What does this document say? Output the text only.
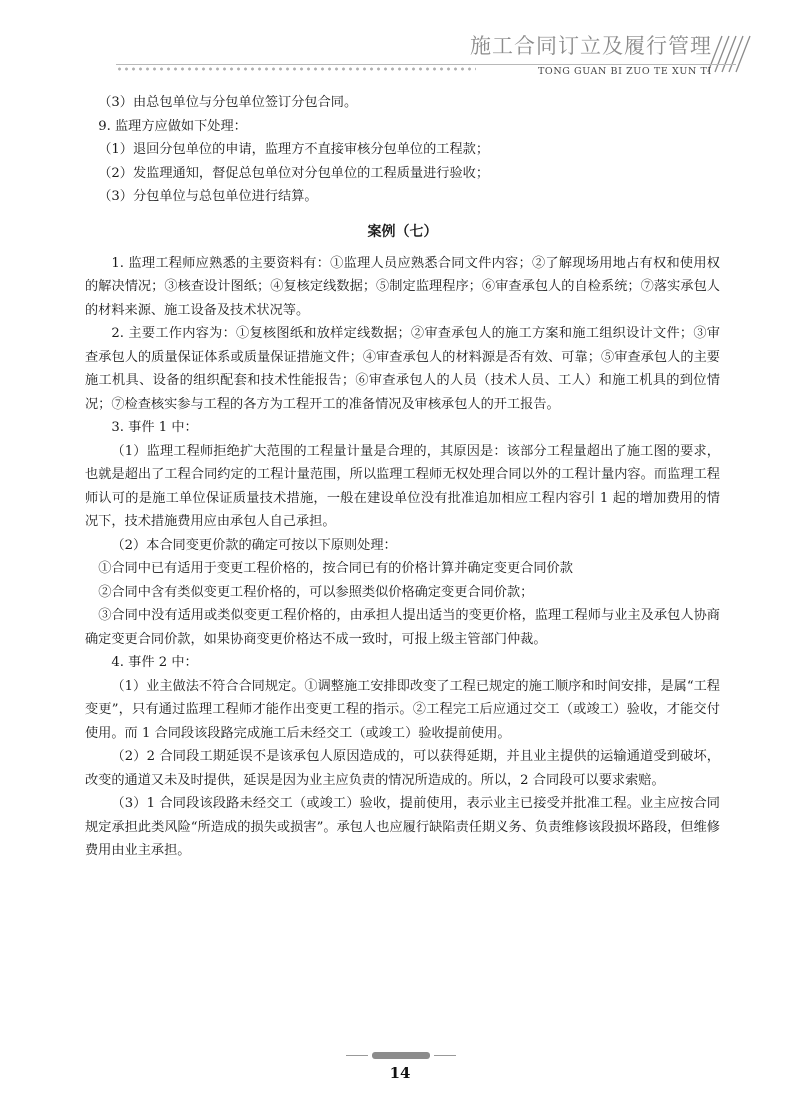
施工合同订立及履行管理
TONG GUAN BI ZUO TE XUN TI

（3）由总包单位与分包单位签订分包合同。

9. 监理方应做如下处理：

（1）退回分包单位的申请，监理方不直接审核分包单位的工程款；

（2）发监理通知，督促总包单位对分包单位的工程质量进行验收；

（3）分包单位与总包单位进行结算。

案例（七）

1. 监理工程师应熟悉的主要资料有：①监理人员应熟悉合同文件内容；②了解现场用地占有权和使用权的解决情况；③核查设计图纸；④复核定线数据；⑤制定监理程序；⑥审查承包人的自检系统；⑦落实承包人的材料来源、施工设备及技术状况等。

2. 主要工作内容为：①复核图纸和放样定线数据；②审查承包人的施工方案和施工组织设计文件；③审查承包人的质量保证体系或质量保证措施文件；④审查承包人的材料源是否有效、可靠；⑤审查承包人的主要施工机具、设备的组织配套和技术性能报告；⑥审查承包人的人员（技术人员、工人）和施工机具的到位情况；⑦检查核实参与工程的各方为工程开工的准备情况及审核承包人的开工报告。

3. 事件 1 中：

（1）监理工程师拒绝扩大范围的工程量计量是合理的，其原因是：该部分工程量超出了施工图的要求，也就是超出了工程合同约定的工程计量范围，所以监理工程师无权处理合同以外的工程计量内容。而监理工程师认可的是施工单位保证质量技术措施，一般在建设单位没有批准追加相应工程内容引 1 起的增加费用的情况下，技术措施费用应由承包人自己承担。

（2）本合同变更价款的确定可按以下原则处理：

①合同中已有适用于变更工程价格的，按合同已有的价格计算并确定变更合同价款

②合同中含有类似变更工程价格的，可以参照类似价格确定变更合同价款；

③合同中没有适用或类似变更工程价格的，由承担人提出适当的变更价格，监理工程师与业主及承包人协商确定变更合同价款，如果协商变更价格达不成一致时，可报上级主管部门仲裁。

4. 事件 2 中：

（1）业主做法不符合合同规定。①调整施工安排即改变了工程已规定的施工顺序和时间安排，是属“工程变更”，只有通过监理工程师才能作出变更工程的指示。②工程完工后应通过交工（或竣工）验收，才能交付使用。而 1 合同段该段路完成施工后未经交工（或竣工）验收提前使用。

（2）2 合同段工期延误不是该承包人原因造成的，可以获得延期，并且业主提供的运输通道受到破坏，改变的通道又未及时提供，延误是因为业主应负责的情况所造成的。所以，2 合同段可以要求索赔。

（3）1 合同段该段路未经交工（或竣工）验收，提前使用，表示业主已接受并批准工程。业主应按合同规定承担此类风险“所造成的损失或损害”。承包人也应履行缺陷责任期义务、负责维修该段损坏路段，但维修费用由业主承担。

14
